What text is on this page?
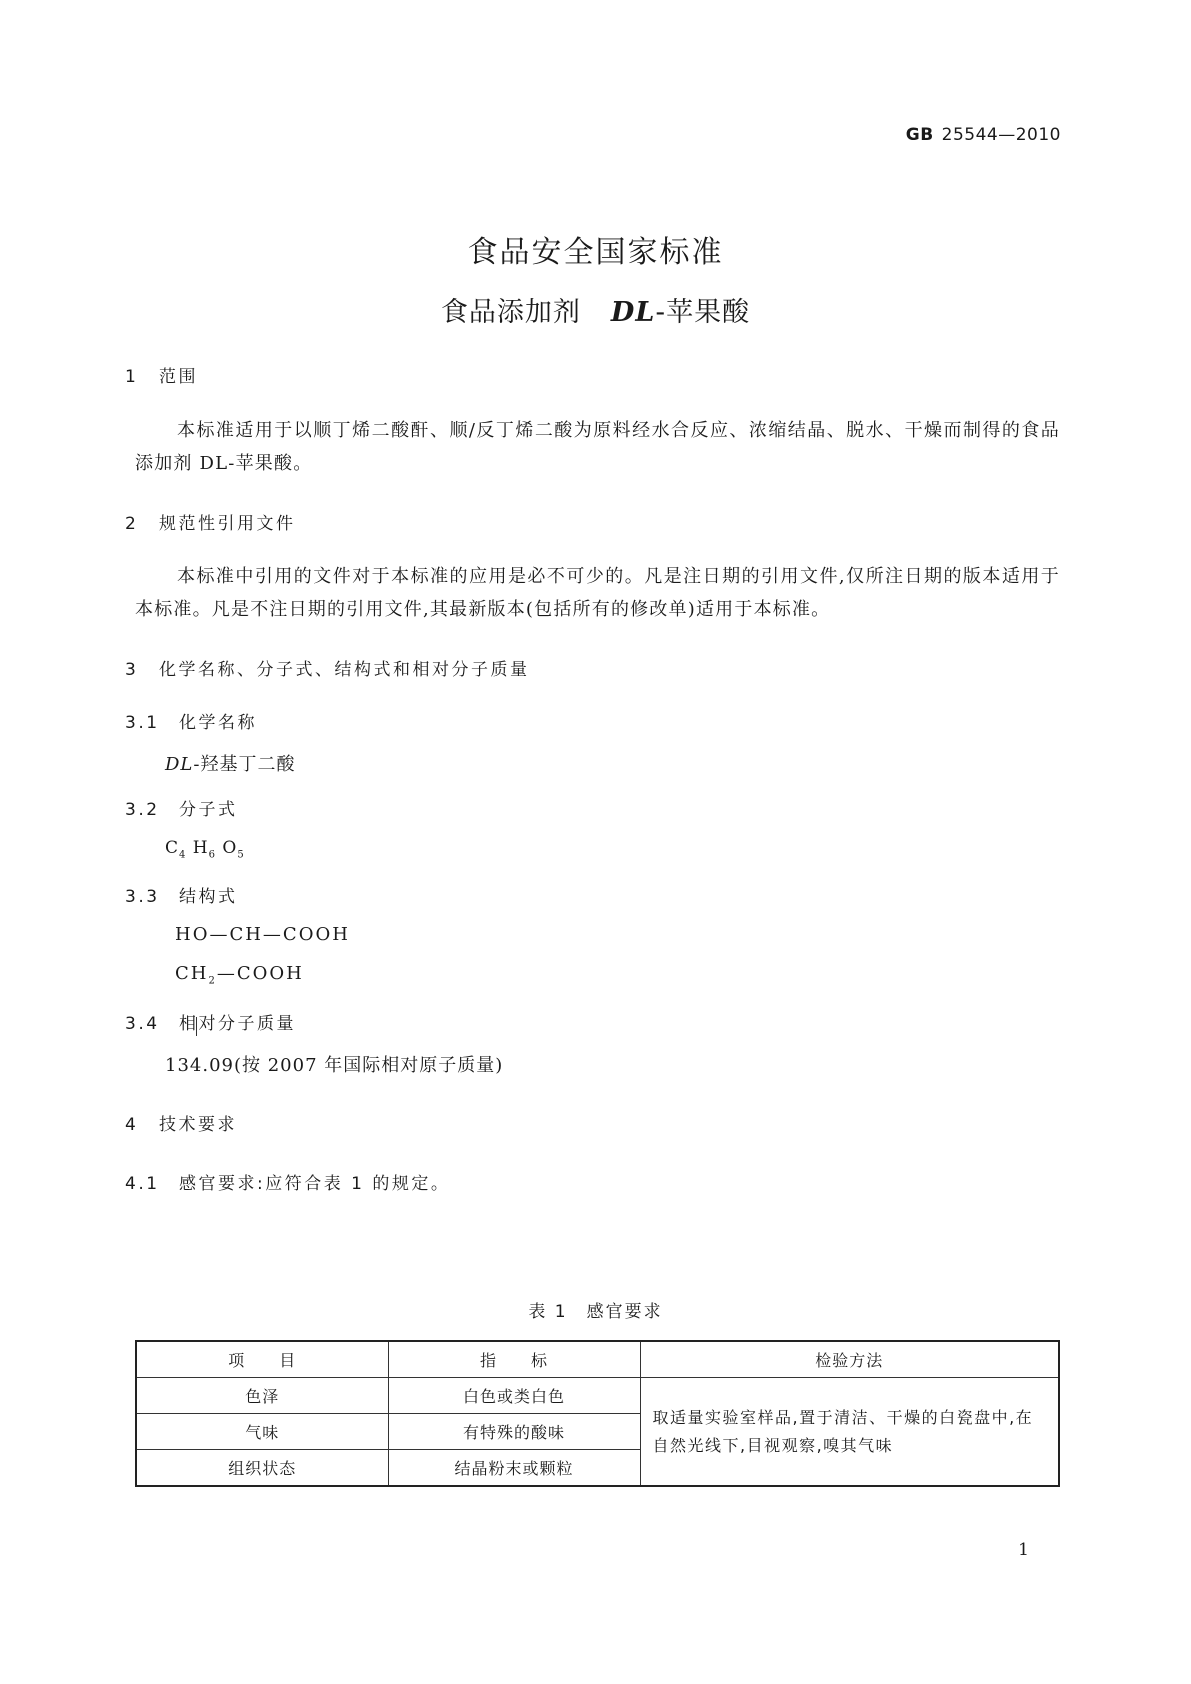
GB 25544—2010
食品安全国家标准
食品添加剂 DL-苹果酸
1 范围
本标准适用于以顺丁烯二酸酐、顺/反丁烯二酸为原料经水合反应、浓缩结晶、脱水、干燥而制得的食品添加剂 DL-苹果酸。
2 规范性引用文件
本标准中引用的文件对于本标准的应用是必不可少的。凡是注日期的引用文件,仅所注日期的版本适用于本标准。凡是不注日期的引用文件,其最新版本(包括所有的修改单)适用于本标准。
3 化学名称、分子式、结构式和相对分子质量
3.1 化学名称
DL-羟基丁二酸
3.2 分子式
$C_4$ $H_6$ $O_5$
3.3 结构式
HO—CH—COOH
$CH_2—COOH$
3.4 相对分子质量
134.09(按 2007 年国际相对原子质量)
4 技术要求
4.1 感官要求:应符合表 1 的规定。
表 1　感官要求
项　　目	指　　标	检验方法
色泽	白色或类白色	取适量实验室样品,置于清洁、干燥的白瓷盘中,在自然光线下,目视观察,嗅其气味
气味	有特殊的酸味	
组织状态	结晶粉末或颗粒	
1
